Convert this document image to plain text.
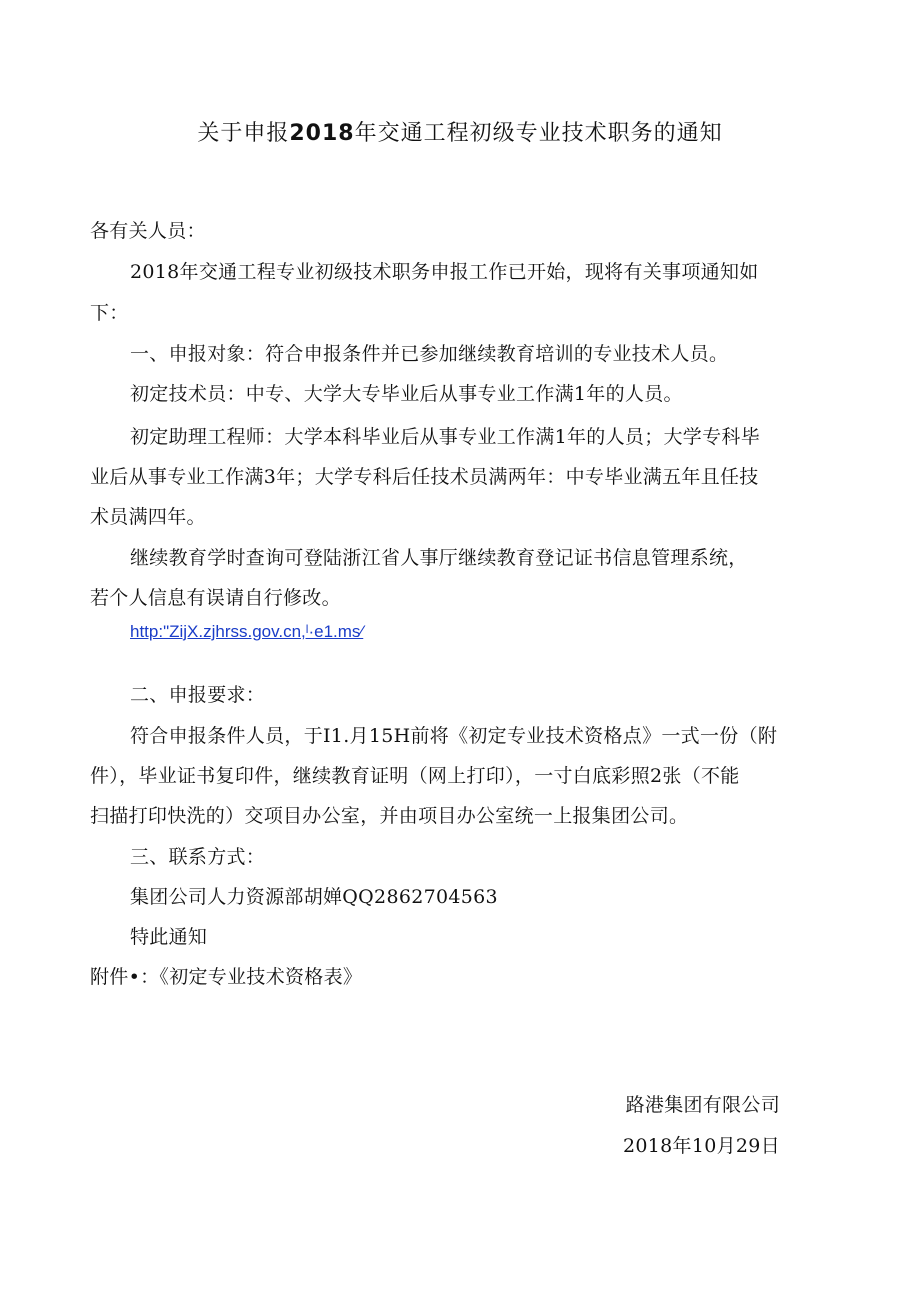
关于申报2018年交通工程初级专业技术职务的通知
各有关人员：
2018年交通工程专业初级技术职务申报工作已开始，现将有关事项通知如
下：
一、申报对象：符合申报条件并已参加继续教育培训的专业技术人员。
初定技术员：中专、大学大专毕业后从事专业工作满1年的人员。
初定助理工程师：大学本科毕业后从事专业工作满1年的人员；大学专科毕
业后从事专业工作满3年；大学专科后任技术员满两年：中专毕业满五年且任技
术员满四年。
继续教育学时查询可登陆浙江省人事厅继续教育登记证书信息管理系统，
若个人信息有误请自行修改。
http:"ZijX.zjhrss.gov.cn,ˡ·e1.ms⁄
二、申报要求：
符合申报条件人员，于I1.月15H前将《初定专业技术资格点》一式一份（附
件），毕业证书复印件，继续教育证明（网上打印），一寸白底彩照2张（不能
扫描打印快洗的）交项目办公室，并由项目办公室统一上报集团公司。
三、联系方式：
集团公司人力资源部胡婵QQ2862704563
特此通知
附件•：《初定专业技术资格表》
路港集团有限公司
2018年10月29日
